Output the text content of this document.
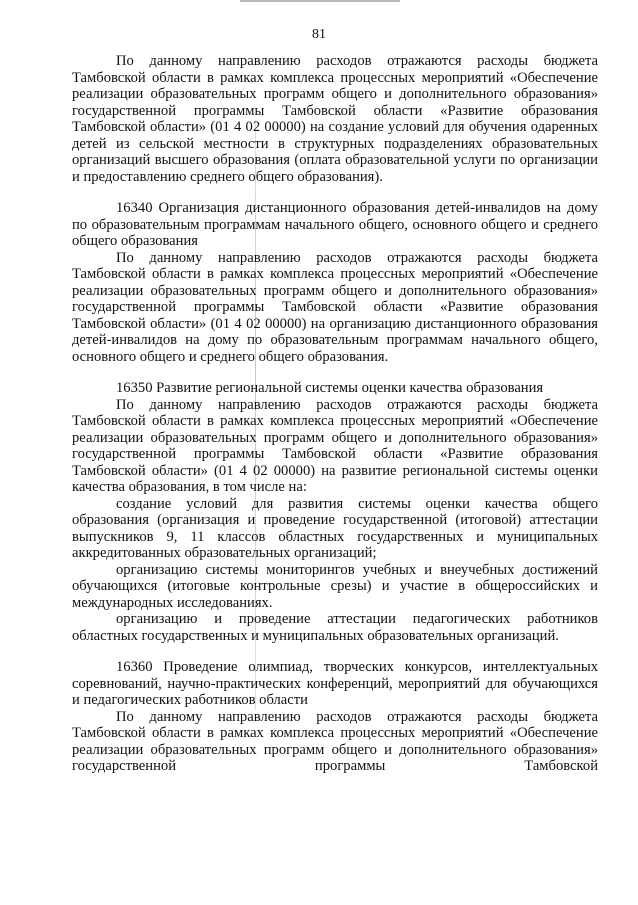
81

По данному направлению расходов отражаются расходы бюджета Тамбовской области в рамках комплекса процессных мероприятий «Обеспечение реализации образовательных программ общего и дополнительного образования» государственной программы Тамбовской области «Развитие образования Тамбовской области» (01 4 02 00000) на создание условий для обучения одаренных детей из сельской местности в структурных подразделениях образовательных организаций высшего образования (оплата образовательной услуги по организации и предоставлению среднего общего образования).

16340 Организация дистанционного образования детей-инвалидов на дому по образовательным программам начального общего, основного общего и среднего общего образования

По данному направлению расходов отражаются расходы бюджета Тамбовской области в рамках комплекса процессных мероприятий «Обеспечение реализации образовательных программ общего и дополнительного образования» государственной программы Тамбовской области «Развитие образования Тамбовской области» (01 4 02 00000) на организацию дистанционного образования детей-инвалидов на дому по образовательным программам начального общего, основного общего и среднего общего образования.

16350 Развитие региональной системы оценки качества образования

По данному направлению расходов отражаются расходы бюджета Тамбовской области в рамках комплекса процессных мероприятий «Обеспечение реализации образовательных программ общего и дополнительного образования» государственной программы Тамбовской области «Развитие образования Тамбовской области» (01 4 02 00000) на развитие региональной системы оценки качества образования, в том числе на:

создание условий для развития системы оценки качества общего образования (организация и проведение государственной (итоговой) аттестации выпускников 9, 11 классов областных государственных и муниципальных аккредитованных образовательных организаций;

организацию системы мониторингов учебных и внеучебных достижений обучающихся (итоговые контрольные срезы) и участие в общероссийских и международных исследованиях.

организацию и проведение аттестации педагогических работников областных государственных и муниципальных образовательных организаций.

16360 Проведение олимпиад, творческих конкурсов, интеллектуальных соревнований, научно-практических конференций, мероприятий для обучающихся и педагогических работников области

По данному направлению расходов отражаются расходы бюджета Тамбовской области в рамках комплекса процессных мероприятий «Обеспечение реализации образовательных программ общего и дополнительного образования» государственной программы Тамбовской
